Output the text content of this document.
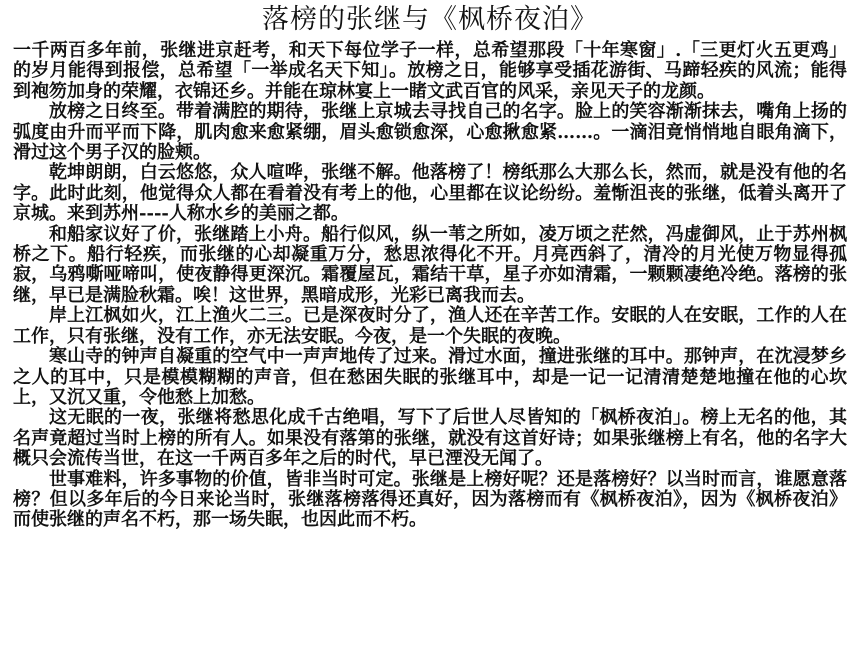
落榜的张继与《枫桥夜泊》

一千两百多年前，张继进京赶考，和天下每位学子一样，总希望那段「十年寒窗」.「三更灯火五更鸡」的岁月能得到报偿，总希望「一举成名天下知」。放榜之日，能够享受插花游街、马蹄轻疾的风流；能得到袍笏加身的荣耀，衣锦还乡。并能在琼林宴上一睹文武百官的风采，亲见天子的龙颜。

放榜之日终至。带着满腔的期待，张继上京城去寻找自己的名字。脸上的笑容渐渐抹去，嘴角上扬的弧度由升而平而下降，肌肉愈来愈紧绷，眉头愈锁愈深，心愈揪愈紧……。一滴泪竟悄悄地自眼角滴下，滑过这个男子汉的脸颊。

乾坤朗朗，白云悠悠，众人喧哗，张继不解。他落榜了！榜纸那么大那么长，然而，就是没有他的名字。此时此刻，他觉得众人都在看着没有考上的他，心里都在议论纷纷。羞惭沮丧的张继，低着头离开了京城。来到苏州----人称水乡的美丽之都。

和船家议好了价，张继踏上小舟。船行似风，纵一苇之所如，凌万顷之茫然，冯虚御风，止于苏州枫桥之下。船行轻疾，而张继的心却凝重万分，愁思浓得化不开。月亮西斜了，清冷的月光使万物显得孤寂，乌鸦嘶哑啼叫，使夜静得更深沉。霜覆屋瓦，霜结干草，星子亦如清霜，一颗颗凄绝冷绝。落榜的张继，早已是满脸秋霜。唉！这世界，黑暗成形，光彩已离我而去。

岸上江枫如火，江上渔火二三。已是深夜时分了，渔人还在辛苦工作。安眠的人在安眠，工作的人在工作，只有张继，没有工作，亦无法安眠。今夜，是一个失眠的夜晚。

寒山寺的钟声自凝重的空气中一声声地传了过来。滑过水面，撞进张继的耳中。那钟声，在沈浸梦乡之人的耳中，只是模模糊糊的声音，但在愁困失眠的张继耳中，却是一记一记清清楚楚地撞在他的心坎上，又沉又重，令他愁上加愁。

这无眠的一夜，张继将愁思化成千古绝唱，写下了后世人尽皆知的「枫桥夜泊」。榜上无名的他，其名声竟超过当时上榜的所有人。如果没有落第的张继，就没有这首好诗；如果张继榜上有名，他的名字大概只会流传当世，在这一千两百多年之后的时代，早已湮没无闻了。

世事难料，许多事物的价值，皆非当时可定。张继是上榜好呢？还是落榜好？以当时而言，谁愿意落榜？但以多年后的今日来论当时，张继落榜落得还真好，因为落榜而有《枫桥夜泊》，因为《枫桥夜泊》而使张继的声名不朽，那一场失眠，也因此而不朽。
